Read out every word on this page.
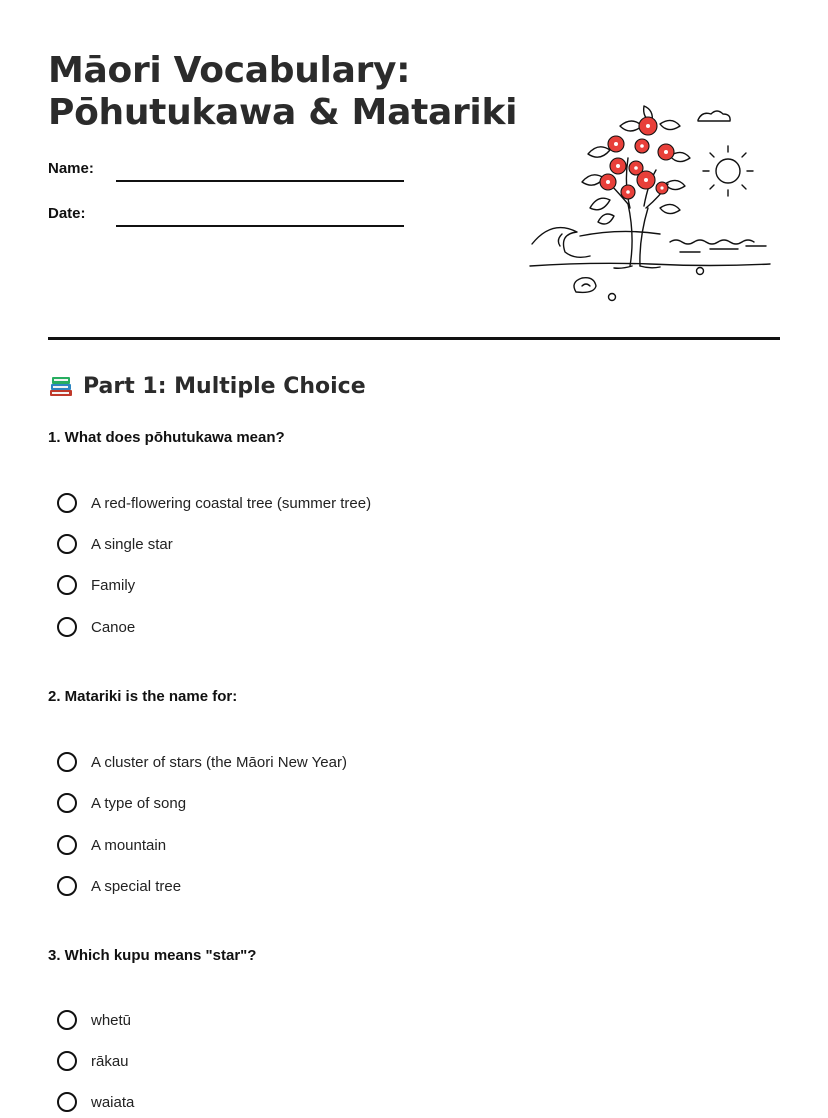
Māori Vocabulary:
Pōhutukawa & Matariki
Name:
Date:
Part 1: Multiple Choice
1. What does pōhutukawa mean?
A red-flowering coastal tree (summer tree)
A single star
Family
Canoe
2. Matariki is the name for:
A cluster of stars (the Māori New Year)
A type of song
A mountain
A special tree
3. Which kupu means "star"?
whetū
rākau
waiata
